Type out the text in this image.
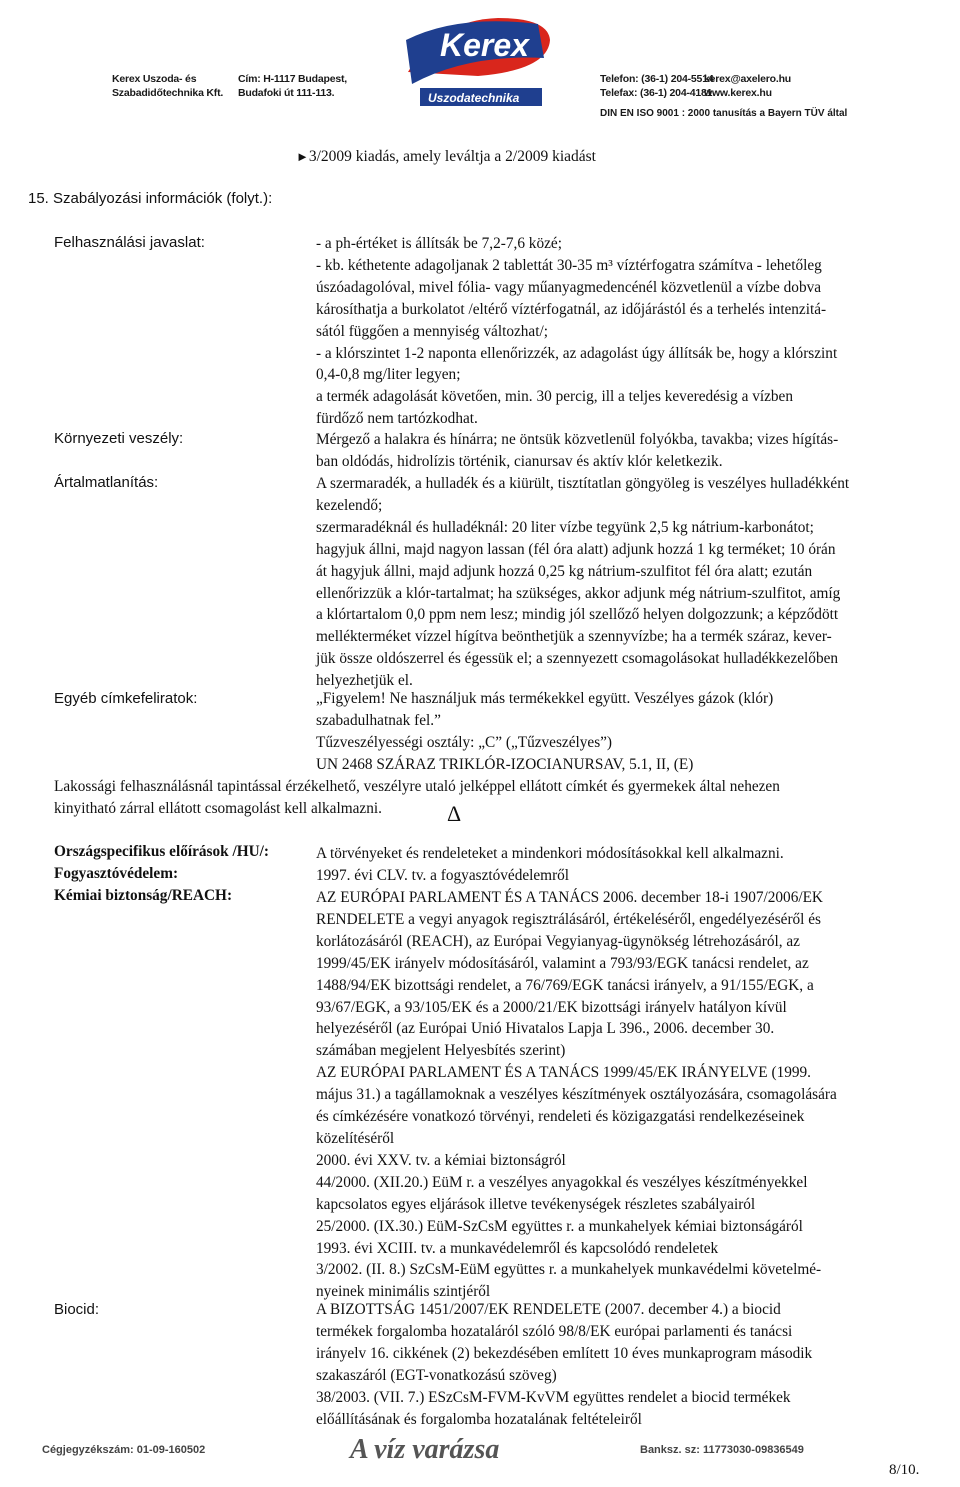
Kerex
Uszodatechnika
Kerex Uszoda- és
Szabadidőtechnika Kft.
Cím: H-1117 Budapest,
Budafoki út 111-113.
Telefon: (36-1) 204-5514
Telefax: (36-1) 204-4181
kerex@axelero.hu
www.kerex.hu
DIN EN ISO 9001 : 2000 tanusítás a Bayern TÜV által
►3/2009 kiadás, amely leváltja a 2/2009 kiadást
15. Szabályozási információk (folyt.):
Felhasználási javaslat:	- a ph-értéket is állítsák be 7,2-7,6 közé;
- kb. kéthetente adagoljanak 2 tablettát 30-35 m³ víztérfogatra számítva - lehetőleg
úszóadagolóval, mivel fólia- vagy műanyagmedencénél közvetlenül a vízbe dobva
károsíthatja a burkolatot /eltérő víztérfogatnál, az időjárástól és a terhelés intenzitá-
sától függően a mennyiség változhat/;
- a klórszintet 1-2 naponta ellenőrizzék, az adagolást úgy állítsák be, hogy a klórszint
0,4-0,8 mg/liter legyen;
a termék adagolását követően, min. 30 percig, ill a teljes keveredésig a vízben
fürdőző nem tartózkodhat.
Környezeti veszély:	Mérgező a halakra és hínárra; ne öntsük közvetlenül folyókba, tavakba; vizes hígítás-
ban oldódás, hidrolízis történik, cianursav és aktív klór keletkezik.
Ártalmatlanítás:	A szermaradék, a hulladék és a kiürült, tisztítatlan göngyöleg is veszélyes hulladékként
kezelendő;
szermaradéknál és hulladéknál: 20 liter vízbe tegyünk 2,5 kg nátrium-karbonátot;
hagyjuk állni, majd nagyon lassan (fél óra alatt) adjunk hozzá 1 kg terméket; 10 órán
át hagyjuk állni, majd adjunk hozzá 0,25 kg nátrium-szulfitot fél óra alatt; ezután
ellenőrizzük a klór-tartalmat; ha szükséges, akkor adjunk még nátrium-szulfitot, amíg
a klórtartalom 0,0 ppm nem lesz; mindig jól szellőző helyen dolgozzunk; a képződött
mellékterméket vízzel hígítva beönthetjük a szennyvízbe; ha a termék száraz, kever-
jük össze oldószerrel és égessük el; a szennyezett csomagolásokat hulladékkezelőben
helyezhetjük el.
Egyéb címkefeliratok:	„Figyelem! Ne használjuk más termékekkel együtt. Veszélyes gázok (klór)
szabadulhatnak fel.”
Tűzveszélyességi osztály: „C” („Tűzveszélyes”)
UN 2468 SZÁRAZ TRIKLÓR-IZOCIANURSAV, 5.1, II, (E)
Lakossági felhasználásnál tapintással érzékelhető, veszélyre utaló jelképpel ellátott címkét és gyermekek által nehezen
kinyitható zárral ellátott csomagolást kell alkalmazni.	Δ
Országspecifikus előírások /HU/:	A törvényeket és rendeleteket a mindenkori módosításokkal kell alkalmazni.
Fogyasztóvédelem:	1997. évi CLV. tv. a fogyasztóvédelemről
Kémiai biztonság/REACH:	AZ EURÓPAI PARLAMENT ÉS A TANÁCS 2006. december 18-i 1907/2006/EK
RENDELETE a vegyi anyagok regisztrálásáról, értékeléséről, engedélyezéséről és
korlátozásáról (REACH), az Európai Vegyianyag-ügynökség létrehozásáról, az
1999/45/EK irányelv módosításáról, valamint a 793/93/EGK tanácsi rendelet, az
1488/94/EK bizottsági rendelet, a 76/769/EGK tanácsi irányelv, a 91/155/EGK, a
93/67/EGK, a 93/105/EK és a 2000/21/EK bizottsági irányelv hatályon kívül
helyezéséről (az Európai Unió Hivatalos Lapja L 396., 2006. december 30.
számában megjelent Helyesbítés szerint)
AZ EURÓPAI PARLAMENT ÉS A TANÁCS 1999/45/EK IRÁNYELVE (1999.
május 31.) a tagállamoknak a veszélyes készítmények osztályozására, csomagolására
és címkézésére vonatkozó törvényi, rendeleti és közigazgatási rendelkezéseinek
közelítéséről
2000. évi XXV. tv. a kémiai biztonságról
44/2000. (XII.20.) EüM r. a veszélyes anyagokkal és veszélyes készítményekkel
kapcsolatos egyes eljárások illetve tevékenységek részletes szabályairól
25/2000. (IX.30.) EüM-SzCsM együttes r. a munkahelyek kémiai biztonságáról
1993. évi XCIII. tv. a munkavédelemről és kapcsolódó rendeletek
3/2002. (II. 8.) SzCsM-EüM együttes r. a munkahelyek munkavédelmi követelmé-
nyeinek minimális szintjéről
Biocid:	A BIZOTTSÁG 1451/2007/EK RENDELETE (2007. december 4.) a biocid
termékek forgalomba hozataláról szóló 98/8/EK európai parlamenti és tanácsi
irányelv 16. cikkének (2) bekezdésében említett 10 éves munkaprogram második
szakaszáról (EGT-vonatkozású szöveg)
38/2003. (VII. 7.) ESzCsM-FVM-KvVM együttes rendelet a biocid termékek
előállításának és forgalomba hozatalának feltételeiről
Cégjegyzékszám: 01-09-160502	A víz varázsa	Banksz. sz: 11773030-09836549
8/10.
